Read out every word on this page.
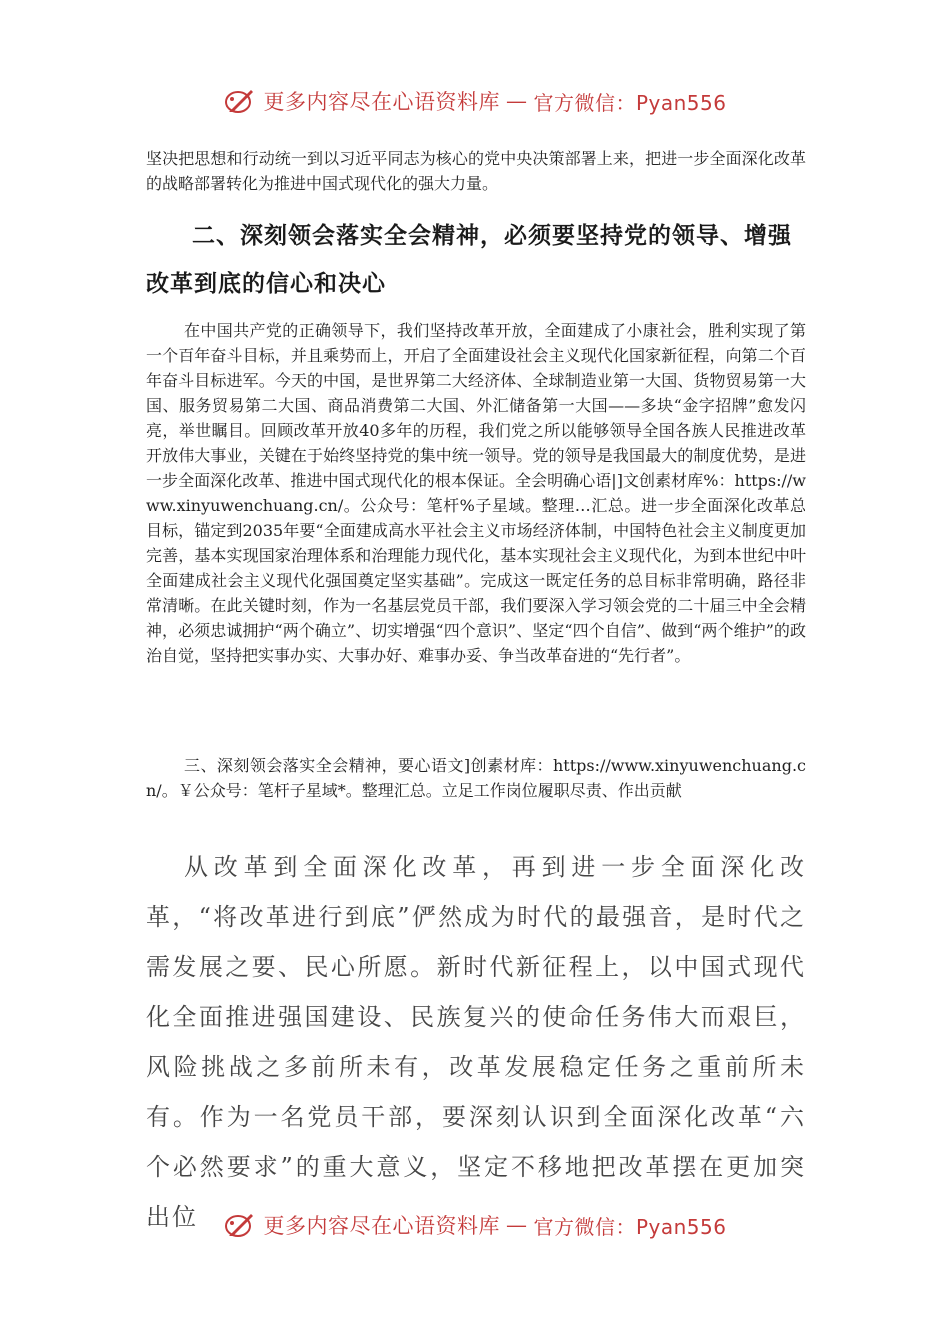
更多内容尽在心语资料库 — 官方微信：Pyan556

坚决把思想和行动统一到以习近平同志为核心的党中央决策部署上来，把进一步全面深化改革的战略部署转化为推进中国式现代化的强大力量。

二、深刻领会落实全会精神，必须要坚持党的领导、增强改革到底的信心和决心

在中国共产党的正确领导下，我们坚持改革开放，全面建成了小康社会，胜利实现了第一个百年奋斗目标，并且乘势而上，开启了全面建设社会主义现代化国家新征程，向第二个百年奋斗目标进军。今天的中国，是世界第二大经济体、全球制造业第一大国、货物贸易第一大国、服务贸易第二大国、商品消费第二大国、外汇储备第一大国——多块“金字招牌”愈发闪亮，举世瞩目。回顾改革开放40多年的历程，我们党之所以能够领导全国各族人民推进改革开放伟大事业，关键在于始终坚持党的集中统一领导。党的领导是我国最大的制度优势，是进一步全面深化改革、推进中国式现代化的根本保证。全会明确心语|]文创素材库%：https://www.xinyuwenchuang.cn/。公众号：笔杆%子星域。整理…汇总。进一步全面深化改革总目标，锚定到2035年要“全面建成高水平社会主义市场经济体制，中国特色社会主义制度更加完善，基本实现国家治理体系和治理能力现代化，基本实现社会主义现代化，为到本世纪中叶全面建成社会主义现代化强国奠定坚实基础”。完成这一既定任务的总目标非常明确，路径非常清晰。在此关键时刻，作为一名基层党员干部，我们要深入学习领会党的二十届三中全会精神，必须忠诚拥护“两个确立”、切实增强“四个意识”、坚定“四个自信”、做到“两个维护”的政治自觉，坚持把实事办实、大事办好、难事办妥、争当改革奋进的“先行者”。

三、深刻领会落实全会精神，要心语文]创素材库：https://www.xinyuwenchuang.cn/。￥公众号：笔杆子星域*。整理汇总。立足工作岗位履职尽责、作出贡献

从改革到全面深化改革，再到进一步全面深化改革，“将改革进行到底”俨然成为时代的最强音，是时代之需发展之要、民心所愿。新时代新征程上，以中国式现代化全面推进强国建设、民族复兴的使命任务伟大而艰巨，风险挑战之多前所未有，改革发展稳定任务之重前所未有。作为一名党员干部，要深刻认识到全面深化改革“六个必然要求”的重大意义，坚定不移地把改革摆在更加突出位	更多内容尽在心语资料库 — 官方微信：Pyan556
